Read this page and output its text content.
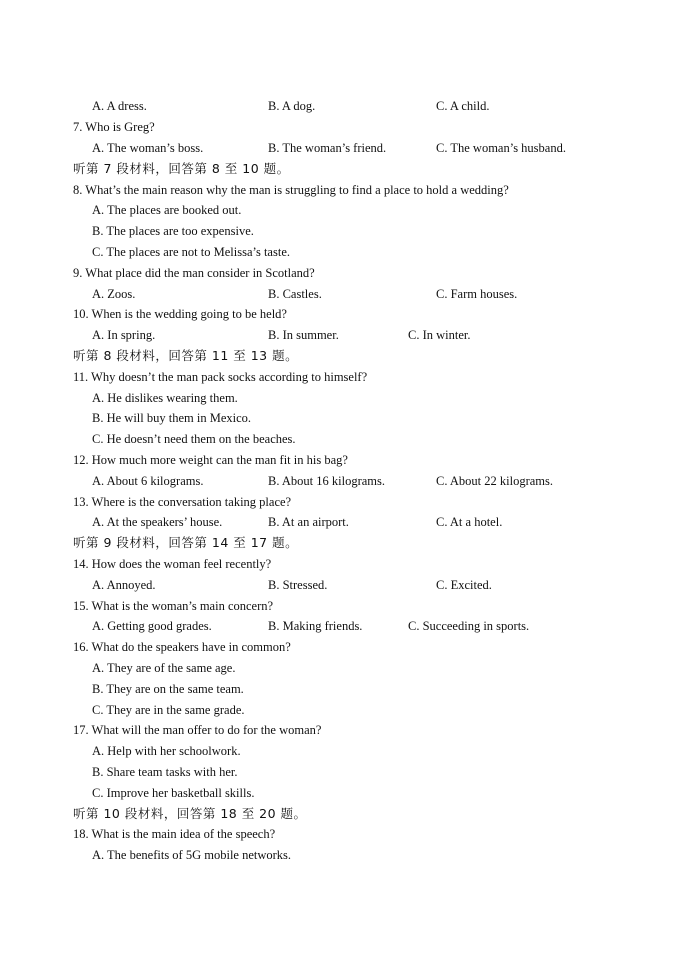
A. A dress.	B. A dog.	C. A child.
7. Who is Greg?
A. The woman’s boss.	B. The woman’s friend.	C. The woman’s husband.
听第 7 段材料，回答第 8 至 10 题。
8. What’s the main reason why the man is struggling to find a place to hold a wedding?
A. The places are booked out.
B. The places are too expensive.
C. The places are not to Melissa’s taste.
9. What place did the man consider in Scotland?
A. Zoos.	B. Castles.	C. Farm houses.
10. When is the wedding going to be held?
A. In spring.	B. In summer.	C. In winter.
听第 8 段材料，回答第 11 至 13 题。
11. Why doesn’t the man pack socks according to himself?
A. He dislikes wearing them.
B. He will buy them in Mexico.
C. He doesn’t need them on the beaches.
12. How much more weight can the man fit in his bag?
A. About 6 kilograms.	B. About 16 kilograms.	C. About 22 kilograms.
13. Where is the conversation taking place?
A. At the speakers’ house.	B. At an airport.	C. At a hotel.
听第 9 段材料，回答第 14 至 17 题。
14. How does the woman feel recently?
A. Annoyed.	B. Stressed.	C. Excited.
15. What is the woman’s main concern?
A. Getting good grades.	B. Making friends.	C. Succeeding in sports.
16. What do the speakers have in common?
A. They are of the same age.
B. They are on the same team.
C. They are in the same grade.
17. What will the man offer to do for the woman?
A. Help with her schoolwork.
B. Share team tasks with her.
C. Improve her basketball skills.
听第 10 段材料，回答第 18 至 20 题。
18. What is the main idea of the speech?
A. The benefits of 5G mobile networks.
